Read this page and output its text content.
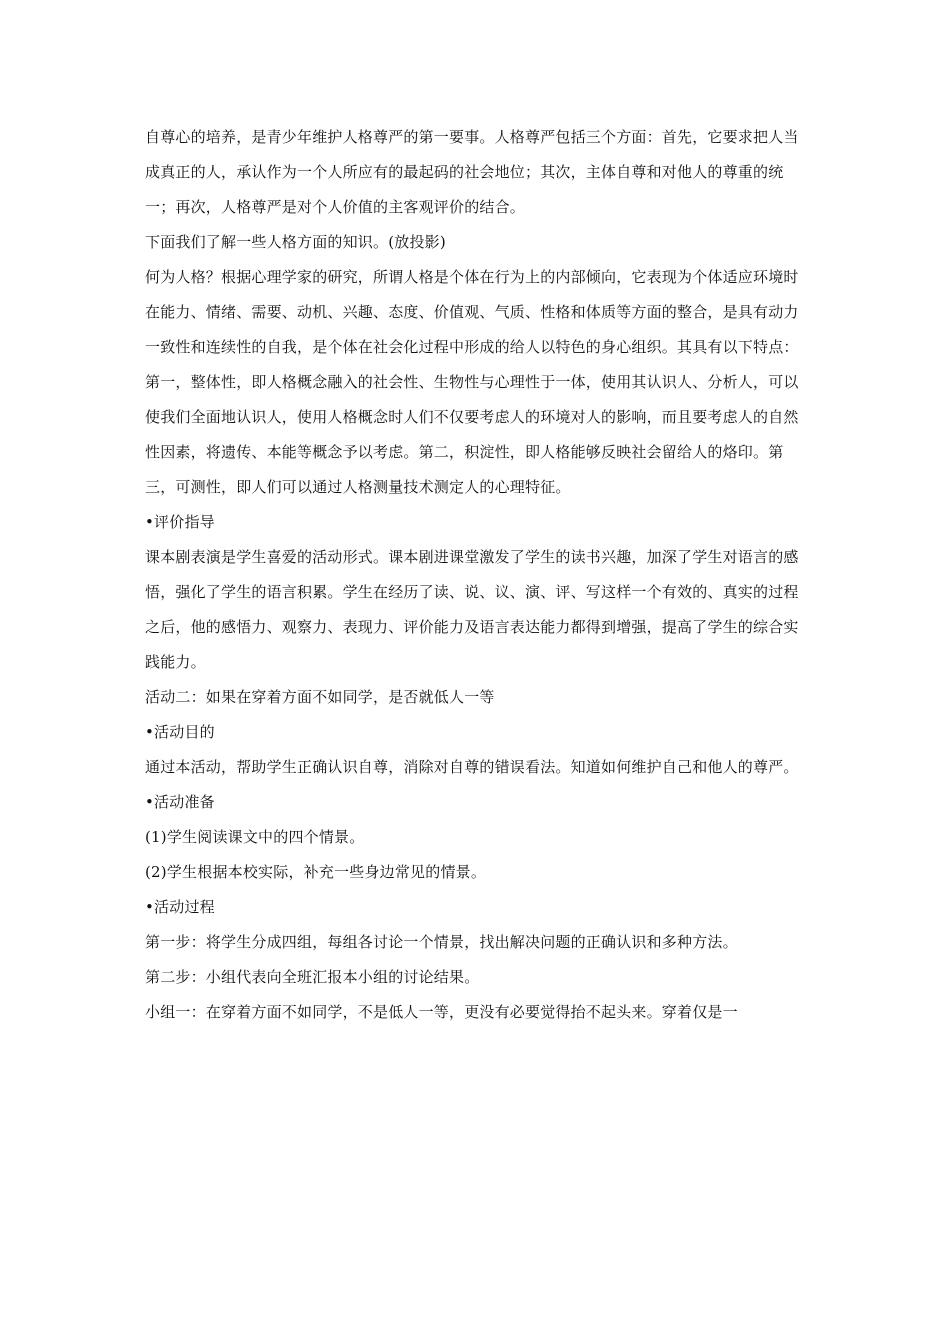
自尊心的培养，是青少年维护人格尊严的第一要事。人格尊严包括三个方面：首先，它要求把人当成真正的人，承认作为一个人所应有的最起码的社会地位；其次，主体自尊和对他人的尊重的统一；再次，人格尊严是对个人价值的主客观评价的结合。

下面我们了解一些人格方面的知识。(放投影)

何为人格？根据心理学家的研究，所谓人格是个体在行为上的内部倾向，它表现为个体适应环境时在能力、情绪、需要、动机、兴趣、态度、价值观、气质、性格和体质等方面的整合，是具有动力一致性和连续性的自我，是个体在社会化过程中形成的给人以特色的身心组织。其具有以下特点：第一，整体性，即人格概念融入的社会性、生物性与心理性于一体，使用其认识人、分析人，可以使我们全面地认识人，使用人格概念时人们不仅要考虑人的环境对人的影响，而且要考虑人的自然性因素，将遗传、本能等概念予以考虑。第二，积淀性，即人格能够反映社会留给人的烙印。第三，可测性，即人们可以通过人格测量技术测定人的心理特征。

•评价指导

课本剧表演是学生喜爱的活动形式。课本剧进课堂激发了学生的读书兴趣，加深了学生对语言的感悟，强化了学生的语言积累。学生在经历了读、说、议、演、评、写这样一个有效的、真实的过程之后，他的感悟力、观察力、表现力、评价能力及语言表达能力都得到增强，提高了学生的综合实践能力。

活动二：如果在穿着方面不如同学，是否就低人一等

•活动目的

通过本活动，帮助学生正确认识自尊，消除对自尊的错误看法。知道如何维护自己和他人的尊严。

•活动准备

(1)学生阅读课文中的四个情景。

(2)学生根据本校实际，补充一些身边常见的情景。

•活动过程

第一步：将学生分成四组，每组各讨论一个情景，找出解决问题的正确认识和多种方法。

第二步：小组代表向全班汇报本小组的讨论结果。

小组一：在穿着方面不如同学，不是低人一等，更没有必要觉得抬不起头来。穿着仅是一
